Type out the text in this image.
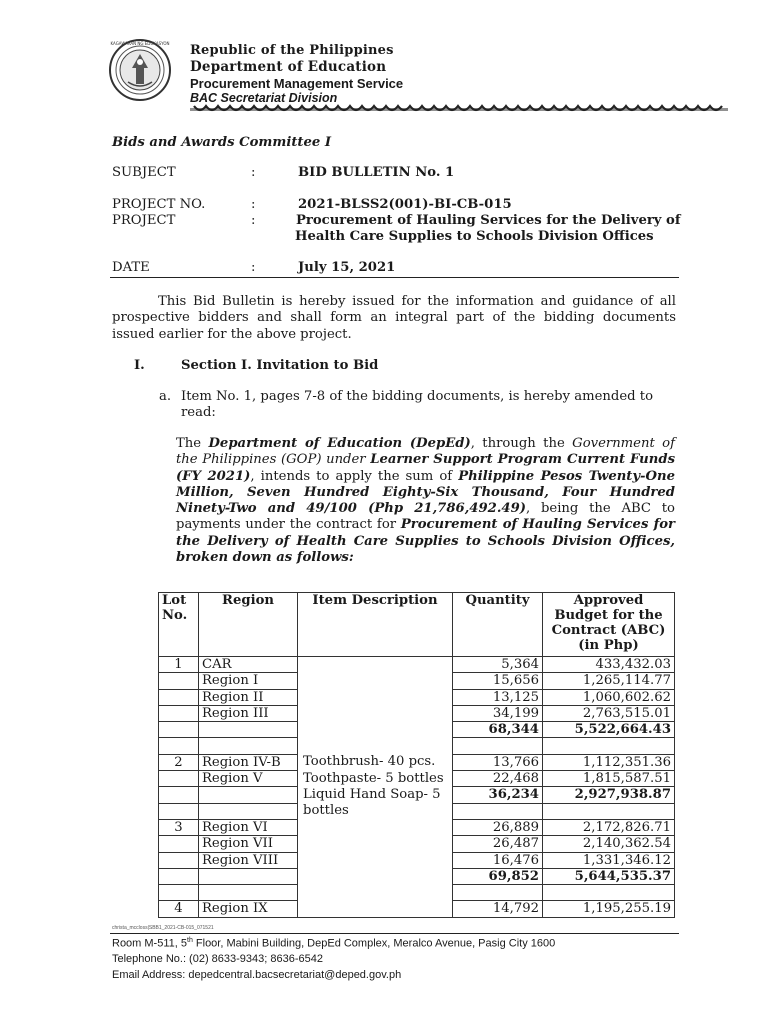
KAGAWARAN NG EDUKASYON Republic of the Philippines
Department of Education
Procurement Management Service
BAC Secretariat Division
Bids and Awards Committee I
SUBJECT	:	BID BULLETIN No. 1
PROJECT NO.	:	2021-BLSS2(001)-BI-CB-015
PROJECT	:	Procurement of Hauling Services for the Delivery of
Health Care Supplies to Schools Division Offices
DATE	:	July 15, 2021
This Bid Bulletin is hereby issued for the information and guidance of all prospective bidders and shall form an integral part of the bidding documents issued earlier for the above project.
I.	Section I. Invitation to Bid
a. Item No. 1, pages 7-8 of the bidding documents, is hereby amended to
read:
The Department of Education (DepEd), through the Government of the Philippines (GOP) under Learner Support Program Current Funds (FY 2021), intends to apply the sum of Philippine Pesos Twenty-One Million, Seven Hundred Eighty-Six Thousand, Four Hundred Ninety-Two and 49/100 (Php 21,786,492.49), being the ABC to payments under the contract for Procurement of Hauling Services for the Delivery of Health Care Supplies to Schools Division Offices, broken down as follows:
Lot No.	Region	Item Description	Quantity	Approved Budget for the Contract (ABC) (in Php)
1	CAR	Toothbrush- 40 pcs. Toothpaste- 5 bottles Liquid Hand Soap- 5 bottles	5,364	433,432.03
	Region I		15,656	1,265,114.77
	Region II		13,125	1,060,602.62
	Region III		34,199	2,763,515.01
			68,344	5,522,664.43

2	Region IV-B		13,766	1,112,351.36
	Region V		22,468	1,815,587.51
			36,234	2,927,938.87

3	Region VI		26,889	2,172,826.71
	Region VII		26,487	2,140,362.54
	Region VIII		16,476	1,331,346.12
			69,852	5,644,535.37

4	Region IX		14,792	1,195,255.19
christa_mccloss|SBB1_2021-CB-015_071521
Room M-511, 5th Floor, Mabini Building, DepEd Complex, Meralco Avenue, Pasig City 1600
Telephone No.: (02) 8633-9343; 8636-6542
Email Address: depedcentral.bacsecretariat@deped.gov.ph
